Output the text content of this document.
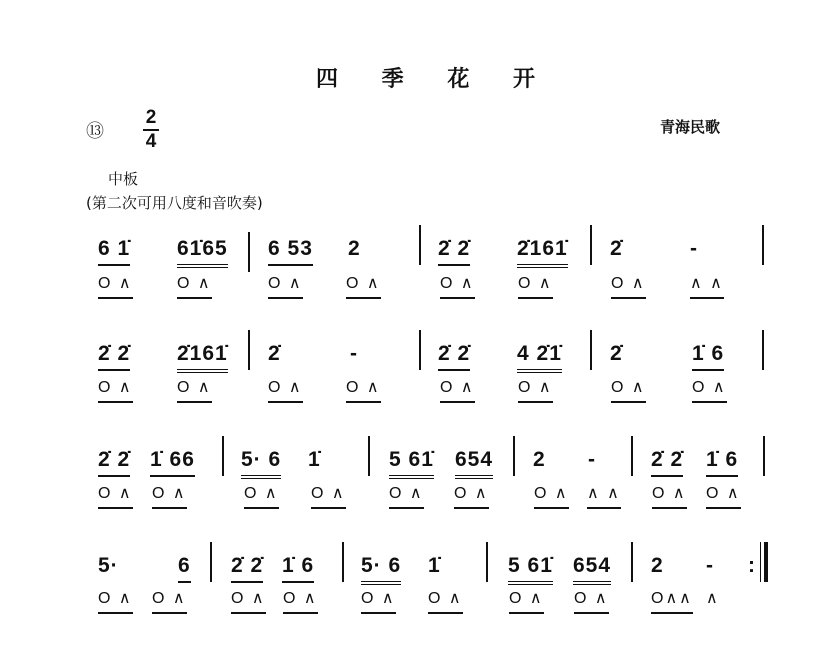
四 季 花 开
⑬
2
4
青海民歌
中板
(第二次可用八度和音吹奏)
6 1̇ 61̇65 6 53 2	2̇ 2̇ 2̇161̇ 2̇	-
O ∧	O ∧	O ∧	O ∧	O ∧	O ∧	O ∧	∧ ∧
2̇ 2̇ 2̇161̇ 2̇	-	2̇ 2̇ 4 2̇1̇ 2̇	1̇ 6
O ∧	O ∧	O ∧	O ∧	O ∧	O ∧	O ∧	O ∧
2̇ 2̇ 1̇ 66 5· 6 1̇	5 61̇ 654 2 -	2̇ 2̇ 1̇ 6
O ∧ O ∧	O ∧ O ∧	O ∧ O ∧	O ∧ ∧ ∧ O ∧ O ∧
5·	6 2̇ 2̇ 1̇ 6 5· 6 1̇	5 61̇ 654 2 - :
O ∧ O ∧	O ∧ O ∧	O ∧ O ∧	O ∧ O ∧	O∧∧ ∧
